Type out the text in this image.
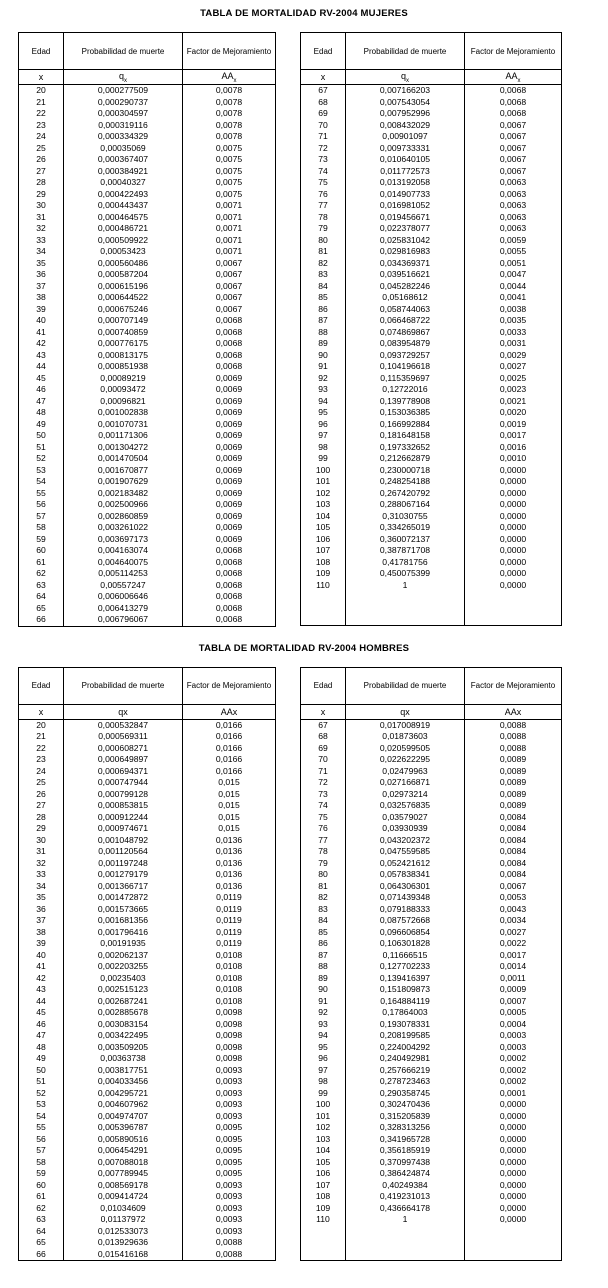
TABLA DE MORTALIDAD RV-2004 MUJERES
Edad	Probabilidad de muerte	Factor de Mejoramiento
x	$q_x$	$AA_x$
20	0,000277509	0,0078
21	0,000290737	0,0078
22	0,000304597	0,0078
23	0,000319116	0,0078
24	0,000334329	0,0078
25	0,00035069	0,0075
26	0,000367407	0,0075
27	0,000384921	0,0075
28	0,00040327	0,0075
29	0,000422493	0,0075
30	0,000443437	0,0071
31	0,000464575	0,0071
32	0,000486721	0,0071
33	0,000509922	0,0071
34	0,00053423	0,0071
35	0,000560486	0,0067
36	0,000587204	0,0067
37	0,000615196	0,0067
38	0,000644522	0,0067
39	0,000675246	0,0067
40	0,000707149	0,0068
41	0,000740859	0,0068
42	0,000776175	0,0068
43	0,000813175	0,0068
44	0,000851938	0,0068
45	0,00089219	0,0069
46	0,00093472	0,0069
47	0,00096821	0,0069
48	0,001002838	0,0069
49	0,001070731	0,0069
50	0,001171306	0,0069
51	0,001304272	0,0069
52	0,001470504	0,0069
53	0,001670877	0,0069
54	0,001907629	0,0069
55	0,002183482	0,0069
56	0,002500966	0,0069
57	0,002860859	0,0069
58	0,003261022	0,0069
59	0,003697173	0,0069
60	0,004163074	0,0068
61	0,004640075	0,0068
62	0,005114253	0,0068
63	0,00557247	0,0068
64	0,006006646	0,0068
65	0,006413279	0,0068
66	0,006796067	0,0068

Edad	Probabilidad de muerte	Factor de Mejoramiento
x	$q_x$	$AA_x$
67	0,007166203	0,0068
68	0,007543054	0,0068
69	0,007952996	0,0068
70	0,008432029	0,0067
71	0,00901097	0,0067
72	0,009733331	0,0067
73	0,010640105	0,0067
74	0,011772573	0,0067
75	0,013192058	0,0063
76	0,014907733	0,0063
77	0,016981052	0,0063
78	0,019456671	0,0063
79	0,022378077	0,0063
80	0,025831042	0,0059
81	0,029816983	0,0055
82	0,034369371	0,0051
83	0,039516621	0,0047
84	0,045282246	0,0044
85	0,05168612	0,0041
86	0,058744063	0,0038
87	0,066468722	0,0035
88	0,074869867	0,0033
89	0,083954879	0,0031
90	0,093729257	0,0029
91	0,104196618	0,0027
92	0,115359697	0,0025
93	0,12722016	0,0023
94	0,139778908	0,0021
95	0,153036385	0,0020
96	0,166992884	0,0019
97	0,181648158	0,0017
98	0,197332652	0,0016
99	0,212662879	0,0010
100	0,230000718	0,0000
101	0,248254188	0,0000
102	0,267420792	0,0000
103	0,288067164	0,0000
104	0,31030755	0,0000
105	0,334265019	0,0000
106	0,360072137	0,0000
107	0,387871708	0,0000
108	0,41781756	0,0000
109	0,450075399	0,0000
110	1	0,0000

TABLA DE MORTALIDAD RV-2004 HOMBRES
Edad	Probabilidad de muerte	Factor de Mejoramiento
x	qx	AAx
20	0,000532847	0,0166
21	0,000569311	0,0166
22	0,000608271	0,0166
23	0,000649897	0,0166
24	0,000694371	0,0166
25	0,000747944	0,015
26	0,000799128	0,015
27	0,000853815	0,015
28	0,000912244	0,015
29	0,000974671	0,015
30	0,001048792	0,0136
31	0,001120564	0,0136
32	0,001197248	0,0136
33	0,001279179	0,0136
34	0,001366717	0,0136
35	0,001472872	0,0119
36	0,001573665	0,0119
37	0,001681356	0,0119
38	0,001796416	0,0119
39	0,00191935	0,0119
40	0,002062137	0,0108
41	0,002203255	0,0108
42	0,00235403	0,0108
43	0,002515123	0,0108
44	0,002687241	0,0108
45	0,002885678	0,0098
46	0,003083154	0,0098
47	0,003422495	0,0098
48	0,003509205	0,0098
49	0,00363738	0,0098
50	0,003817751	0,0093
51	0,004033456	0,0093
52	0,004295721	0,0093
53	0,004607962	0,0093
54	0,004974707	0,0093
55	0,005396787	0,0095
56	0,005890516	0,0095
57	0,006454291	0,0095
58	0,007088018	0,0095
59	0,007789945	0,0095
60	0,008569178	0,0093
61	0,009414724	0,0093
62	0,01034609	0,0093
63	0,01137972	0,0093
64	0,012533073	0,0093
65	0,013929636	0,0088
66	0,015416168	0,0088

Edad	Probabilidad de muerte	Factor de Mejoramiento
x	qx	AAx
67	0,017008919	0,0088
68	0,01873603	0,0088
69	0,020599505	0,0088
70	0,022622295	0,0089
71	0,02479963	0,0089
72	0,027166871	0,0089
73	0,02973214	0,0089
74	0,032576835	0,0089
75	0,03579027	0,0084
76	0,03930939	0,0084
77	0,043202372	0,0084
78	0,047559585	0,0084
79	0,052421612	0,0084
80	0,057838341	0,0084
81	0,064306301	0,0067
82	0,071439348	0,0053
83	0,079188333	0,0043
84	0,087572668	0,0034
85	0,096606854	0,0027
86	0,106301828	0,0022
87	0,11666515	0,0017
88	0,127702233	0,0014
89	0,139416397	0,0011
90	0,151809873	0,0009
91	0,164884119	0,0007
92	0,17864003	0,0005
93	0,193078331	0,0004
94	0,208199585	0,0003
95	0,224004292	0,0003
96	0,240492981	0,0002
97	0,257666219	0,0002
98	0,278723463	0,0002
99	0,290358745	0,0001
100	0,302470436	0,0000
101	0,315205839	0,0000
102	0,328313256	0,0000
103	0,341965728	0,0000
104	0,356185919	0,0000
105	0,370997438	0,0000
106	0,386424874	0,0000
107	0,40249384	0,0000
108	0,419231013	0,0000
109	0,436664178	0,0000
110	1	0,0000
